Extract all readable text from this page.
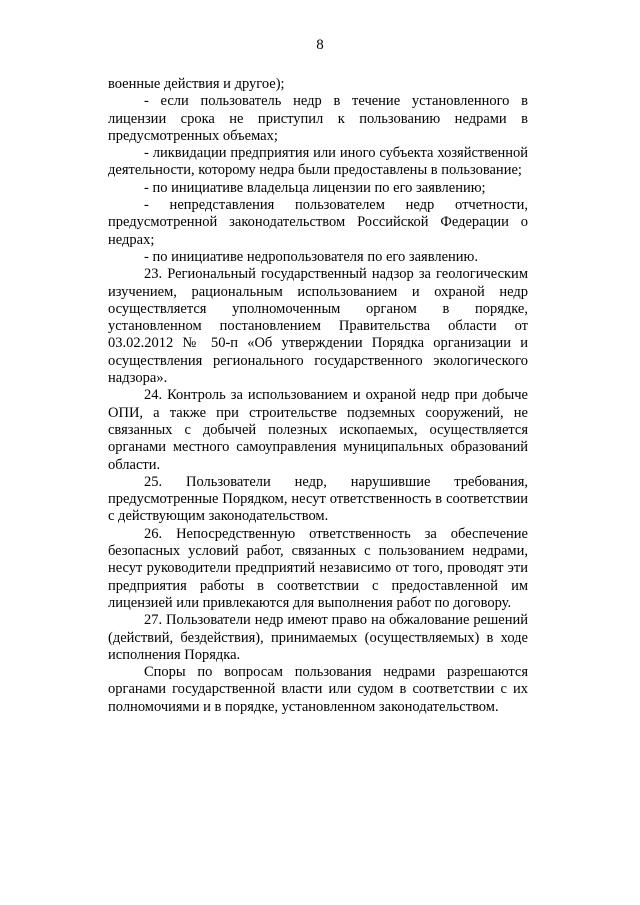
8

военные действия и другое);

- если пользователь недр в течение установленного в лицензии срока не приступил к пользованию недрами в предусмотренных объемах;

- ликвидации предприятия или иного субъекта хозяйственной деятельности, которому недра были предоставлены в пользование;

- по инициативе владельца лицензии по его заявлению;

- непредставления пользователем недр отчетности, предусмотренной законодательством Российской Федерации о недрах;

- по инициативе недропользователя по его заявлению.

23. Региональный государственный надзор за геологическим изучением, рациональным использованием и охраной недр осуществляется уполномоченным органом в порядке, установленном постановлением Правительства области от 03.02.2012 № 50-п «Об утверждении Порядка организации и осуществления регионального государственного экологического надзора».

24. Контроль за использованием и охраной недр при добыче ОПИ, а также при строительстве подземных сооружений, не связанных с добычей полезных ископаемых, осуществляется органами местного самоуправления муниципальных образований области.

25. Пользователи недр, нарушившие требования, предусмотренные Порядком, несут ответственность в соответствии с действующим законодательством.

26. Непосредственную ответственность за обеспечение безопасных условий работ, связанных с пользованием недрами, несут руководители предприятий независимо от того, проводят эти предприятия работы в соответствии с предоставленной им лицензией или привлекаются для выполнения работ по договору.

27. Пользователи недр имеют право на обжалование решений (действий, бездействия), принимаемых (осуществляемых) в ходе исполнения Порядка.

Споры по вопросам пользования недрами разрешаются органами государственной власти или судом в соответствии с их полномочиями и в порядке, установленном законодательством.
